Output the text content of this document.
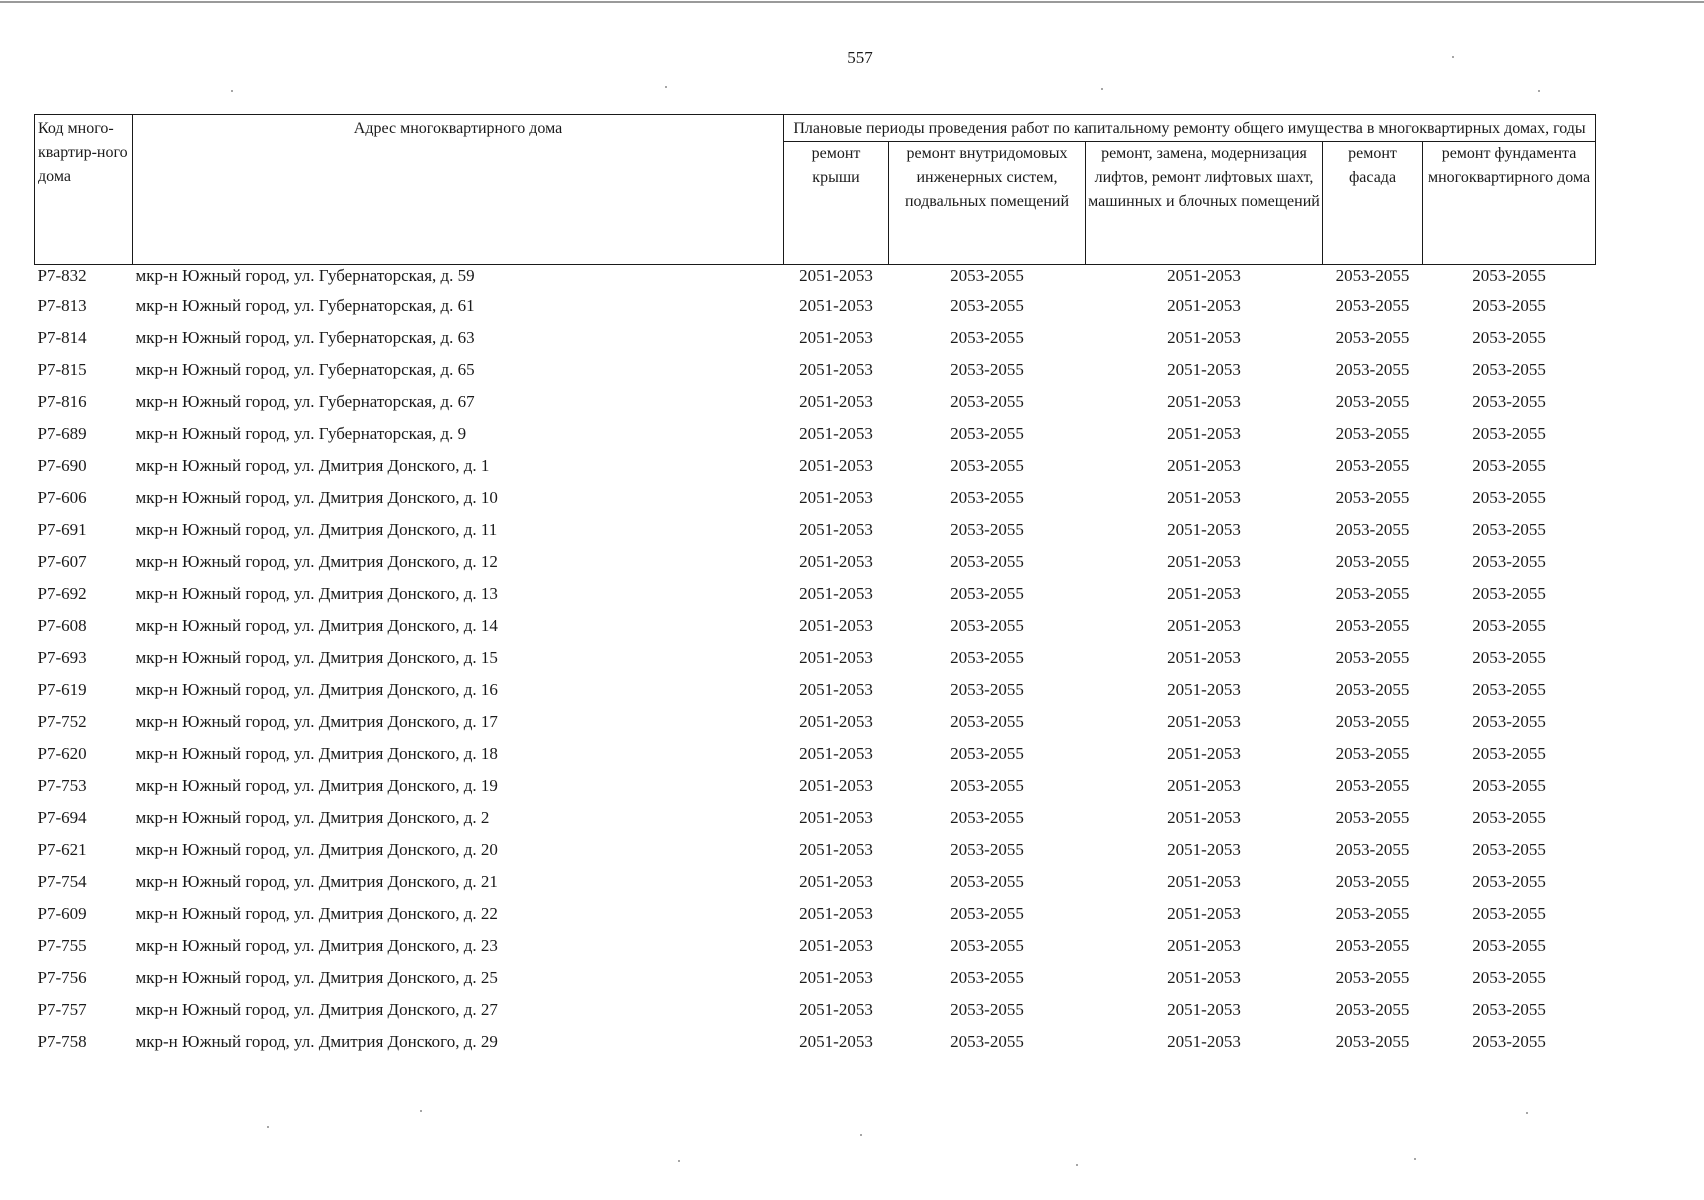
557
Код много-квартир-ного дома	Адрес многоквартирного дома	Плановые периоды проведения работ по капитальному ремонту общего имущества в многоквартирных домах, годы				
		ремонт крыши	ремонт внутридомовых инженерных систем, подвальных помещений	ремонт, замена, модернизация лифтов, ремонт лифтовых шахт, машинных и блочных помещений	ремонт фасада	ремонт фундамента многоквартирного дома
P7-832	мкр-н Южный город, ул. Губернаторская, д. 59	2051-2053	2053-2055	2051-2053	2053-2055	2053-2055
P7-813	мкр-н Южный город, ул. Губернаторская, д. 61	2051-2053	2053-2055	2051-2053	2053-2055	2053-2055
P7-814	мкр-н Южный город, ул. Губернаторская, д. 63	2051-2053	2053-2055	2051-2053	2053-2055	2053-2055
P7-815	мкр-н Южный город, ул. Губернаторская, д. 65	2051-2053	2053-2055	2051-2053	2053-2055	2053-2055
P7-816	мкр-н Южный город, ул. Губернаторская, д. 67	2051-2053	2053-2055	2051-2053	2053-2055	2053-2055
P7-689	мкр-н Южный город, ул. Губернаторская, д. 9	2051-2053	2053-2055	2051-2053	2053-2055	2053-2055
P7-690	мкр-н Южный город, ул. Дмитрия Донского, д. 1	2051-2053	2053-2055	2051-2053	2053-2055	2053-2055
P7-606	мкр-н Южный город, ул. Дмитрия Донского, д. 10	2051-2053	2053-2055	2051-2053	2053-2055	2053-2055
P7-691	мкр-н Южный город, ул. Дмитрия Донского, д. 11	2051-2053	2053-2055	2051-2053	2053-2055	2053-2055
P7-607	мкр-н Южный город, ул. Дмитрия Донского, д. 12	2051-2053	2053-2055	2051-2053	2053-2055	2053-2055
P7-692	мкр-н Южный город, ул. Дмитрия Донского, д. 13	2051-2053	2053-2055	2051-2053	2053-2055	2053-2055
P7-608	мкр-н Южный город, ул. Дмитрия Донского, д. 14	2051-2053	2053-2055	2051-2053	2053-2055	2053-2055
P7-693	мкр-н Южный город, ул. Дмитрия Донского, д. 15	2051-2053	2053-2055	2051-2053	2053-2055	2053-2055
P7-619	мкр-н Южный город, ул. Дмитрия Донского, д. 16	2051-2053	2053-2055	2051-2053	2053-2055	2053-2055
P7-752	мкр-н Южный город, ул. Дмитрия Донского, д. 17	2051-2053	2053-2055	2051-2053	2053-2055	2053-2055
P7-620	мкр-н Южный город, ул. Дмитрия Донского, д. 18	2051-2053	2053-2055	2051-2053	2053-2055	2053-2055
P7-753	мкр-н Южный город, ул. Дмитрия Донского, д. 19	2051-2053	2053-2055	2051-2053	2053-2055	2053-2055
P7-694	мкр-н Южный город, ул. Дмитрия Донского, д. 2	2051-2053	2053-2055	2051-2053	2053-2055	2053-2055
P7-621	мкр-н Южный город, ул. Дмитрия Донского, д. 20	2051-2053	2053-2055	2051-2053	2053-2055	2053-2055
P7-754	мкр-н Южный город, ул. Дмитрия Донского, д. 21	2051-2053	2053-2055	2051-2053	2053-2055	2053-2055
P7-609	мкр-н Южный город, ул. Дмитрия Донского, д. 22	2051-2053	2053-2055	2051-2053	2053-2055	2053-2055
P7-755	мкр-н Южный город, ул. Дмитрия Донского, д. 23	2051-2053	2053-2055	2051-2053	2053-2055	2053-2055
P7-756	мкр-н Южный город, ул. Дмитрия Донского, д. 25	2051-2053	2053-2055	2051-2053	2053-2055	2053-2055
P7-757	мкр-н Южный город, ул. Дмитрия Донского, д. 27	2051-2053	2053-2055	2051-2053	2053-2055	2053-2055
P7-758	мкр-н Южный город, ул. Дмитрия Донского, д. 29	2051-2053	2053-2055	2051-2053	2053-2055	2053-2055
